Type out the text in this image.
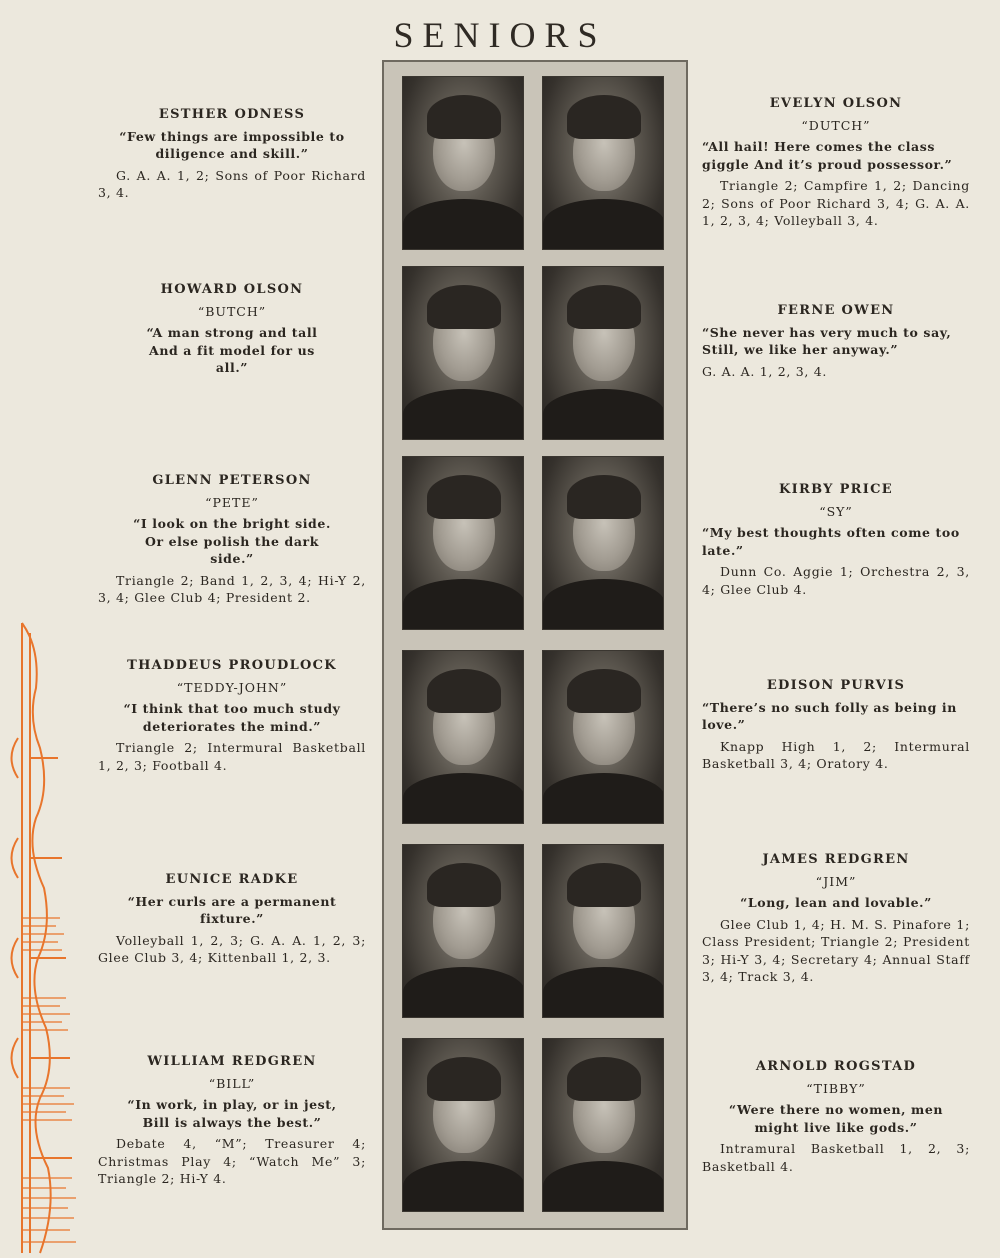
SENIORS
ESTHER ODNESS
“Few things are impossible to diligence and skill.”
G. A. A. 1, 2; Sons of Poor Richard 3, 4.
HOWARD OLSON
“BUTCH”
“A man strong and tall And a fit model for us all.”
GLENN PETERSON
“PETE”
“I look on the bright side. Or else polish the dark side.”
Triangle 2; Band 1, 2, 3, 4; Hi-Y 2, 3, 4; Glee Club 4; President 2.
THADDEUS PROUDLOCK
“TEDDY-JOHN”
“I think that too much study deteriorates the mind.”
Triangle 2; Intermural Basketball 1, 2, 3; Football 4.
EUNICE RADKE
“Her curls are a permanent fixture.”
Volleyball 1, 2, 3; G. A. A. 1, 2, 3; Glee Club 3, 4; Kittenball 1, 2, 3.
WILLIAM REDGREN
“BILL”
“In work, in play, or in jest, Bill is always the best.”
Debate 4, “M”; Treasurer 4; Christmas Play 4; “Watch Me” 3; Triangle 2; Hi-Y 4.
EVELYN OLSON
“DUTCH”
“All hail! Here comes the class giggle And it’s proud possessor.”
Triangle 2; Campfire 1, 2; Dancing 2; Sons of Poor Richard 3, 4; G. A. A. 1, 2, 3, 4; Volleyball 3, 4.
FERNE OWEN
“She never has very much to say, Still, we like her anyway.”
G. A. A. 1, 2, 3, 4.
KIRBY PRICE
“SY”
“My best thoughts often come too late.”
Dunn Co. Aggie 1; Orchestra 2, 3, 4; Glee Club 4.
EDISON PURVIS
“There’s no such folly as being in love.”
Knapp High 1, 2; Intermural Basketball 3, 4; Oratory 4.
JAMES REDGREN
“JIM”
“Long, lean and lovable.”
Glee Club 1, 4; H. M. S. Pinafore 1; Class President; Triangle 2; President 3; Hi-Y 3, 4; Secretary 4; Annual Staff 3, 4; Track 3, 4.
ARNOLD ROGSTAD
“TIBBY”
“Were there no women, men might live like gods.”
Intramural Basketball 1, 2, 3; Basketball 4.
